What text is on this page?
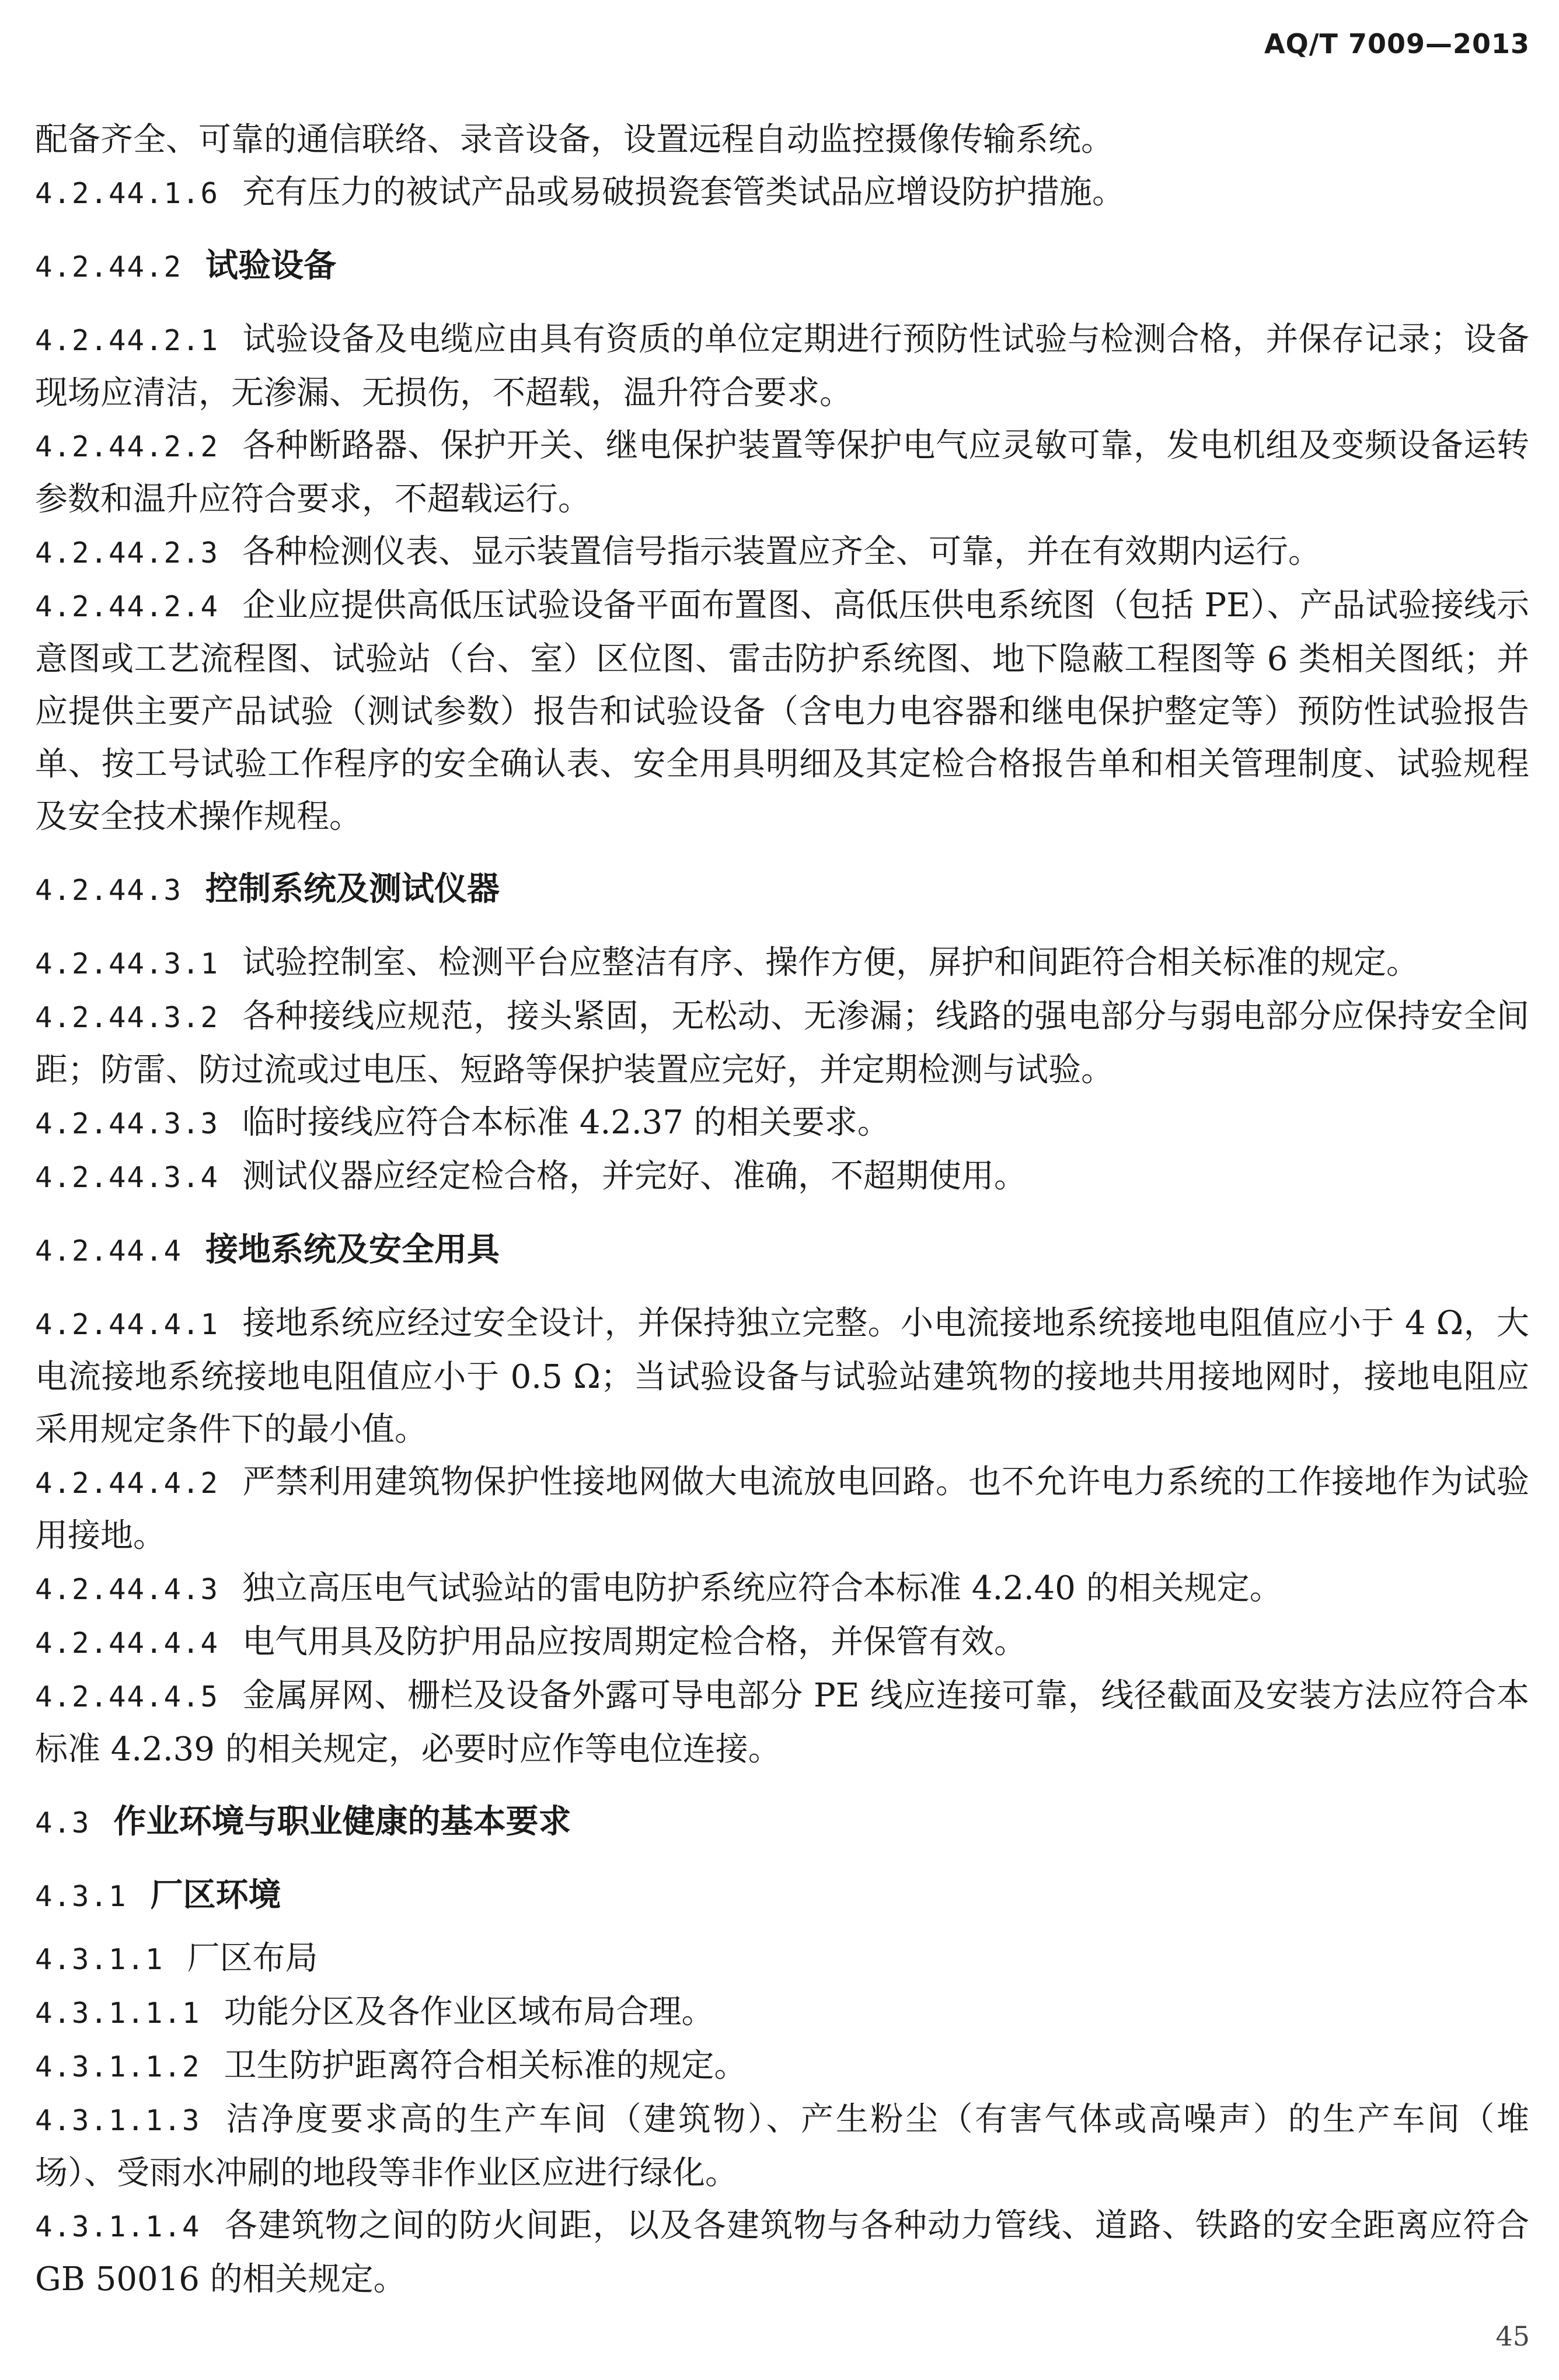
AQ/T 7009—2013

配备齐全、可靠的通信联络、录音设备，设置远程自动监控摄像传输系统。

4.2.44.1.6 充有压力的被试产品或易破损瓷套管类试品应增设防护措施。

4.2.44.2 试验设备

4.2.44.2.1 试验设备及电缆应由具有资质的单位定期进行预防性试验与检测合格，并保存记录；设备现场应清洁，无渗漏、无损伤，不超载，温升符合要求。

4.2.44.2.2 各种断路器、保护开关、继电保护装置等保护电气应灵敏可靠，发电机组及变频设备运转参数和温升应符合要求，不超载运行。

4.2.44.2.3 各种检测仪表、显示装置信号指示装置应齐全、可靠，并在有效期内运行。

4.2.44.2.4 企业应提供高低压试验设备平面布置图、高低压供电系统图（包括 PE）、产品试验接线示意图或工艺流程图、试验站（台、室）区位图、雷击防护系统图、地下隐蔽工程图等 6 类相关图纸；并应提供主要产品试验（测试参数）报告和试验设备（含电力电容器和继电保护整定等）预防性试验报告单、按工号试验工作程序的安全确认表、安全用具明细及其定检合格报告单和相关管理制度、试验规程及安全技术操作规程。

4.2.44.3 控制系统及测试仪器

4.2.44.3.1 试验控制室、检测平台应整洁有序、操作方便，屏护和间距符合相关标准的规定。

4.2.44.3.2 各种接线应规范，接头紧固，无松动、无渗漏；线路的强电部分与弱电部分应保持安全间距；防雷、防过流或过电压、短路等保护装置应完好，并定期检测与试验。

4.2.44.3.3 临时接线应符合本标准 4.2.37 的相关要求。

4.2.44.3.4 测试仪器应经定检合格，并完好、准确，不超期使用。

4.2.44.4 接地系统及安全用具

4.2.44.4.1 接地系统应经过安全设计，并保持独立完整。小电流接地系统接地电阻值应小于 4 Ω，大电流接地系统接地电阻值应小于 0.5 Ω；当试验设备与试验站建筑物的接地共用接地网时，接地电阻应采用规定条件下的最小值。

4.2.44.4.2 严禁利用建筑物保护性接地网做大电流放电回路。也不允许电力系统的工作接地作为试验用接地。

4.2.44.4.3 独立高压电气试验站的雷电防护系统应符合本标准 4.2.40 的相关规定。

4.2.44.4.4 电气用具及防护用品应按周期定检合格，并保管有效。

4.2.44.4.5 金属屏网、栅栏及设备外露可导电部分 PE 线应连接可靠，线径截面及安装方法应符合本标准 4.2.39 的相关规定，必要时应作等电位连接。

4.3 作业环境与职业健康的基本要求
4.3.1 厂区环境

4.3.1.1 厂区布局

4.3.1.1.1 功能分区及各作业区域布局合理。

4.3.1.1.2 卫生防护距离符合相关标准的规定。

4.3.1.1.3 洁净度要求高的生产车间（建筑物）、产生粉尘（有害气体或高噪声）的生产车间（堆场）、受雨水冲刷的地段等非作业区应进行绿化。

4.3.1.1.4 各建筑物之间的防火间距，以及各建筑物与各种动力管线、道路、铁路的安全距离应符合 GB 50016 的相关规定。

45
